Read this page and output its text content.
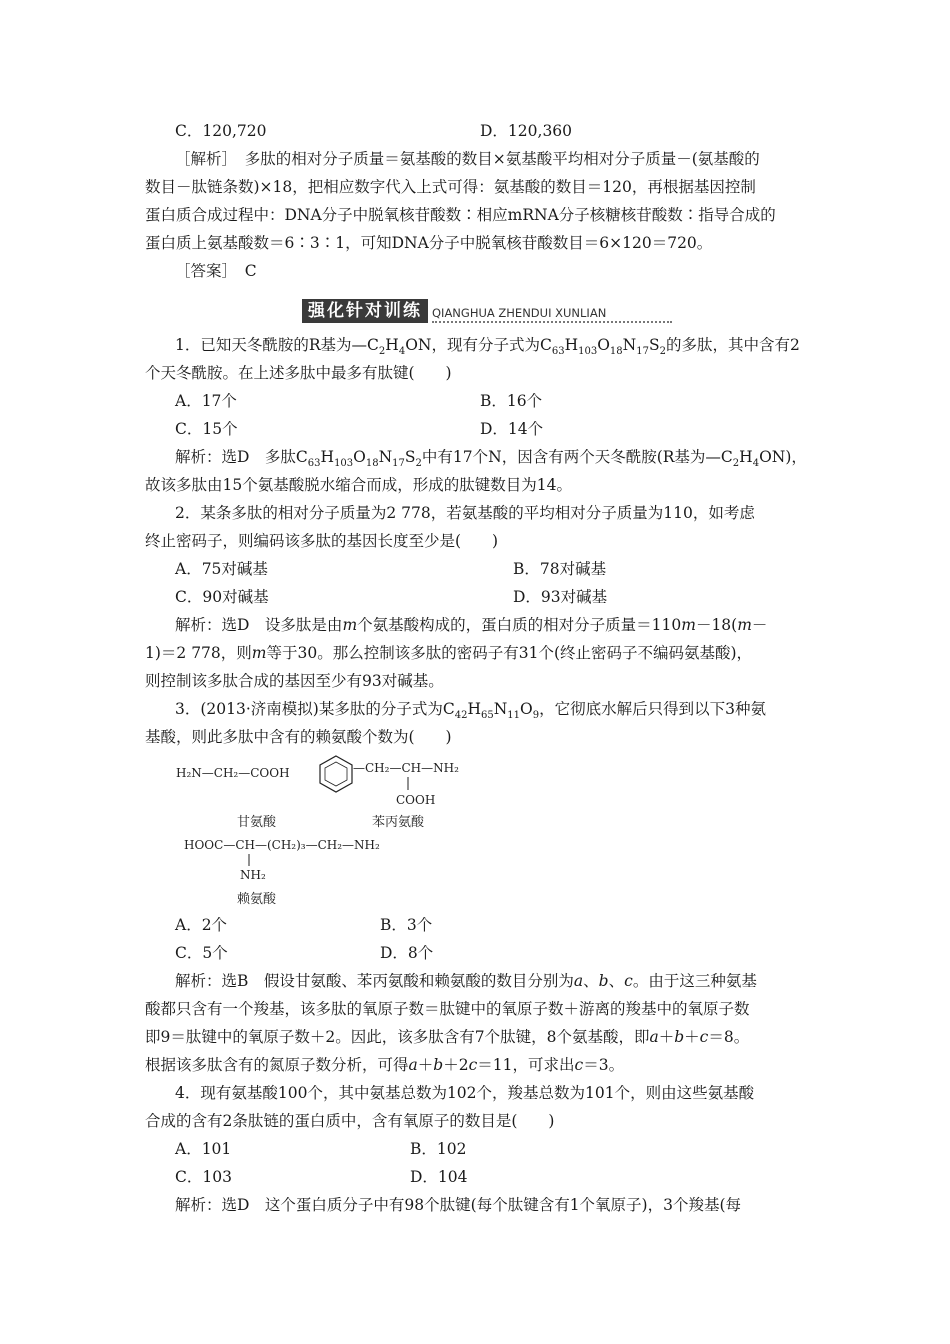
C．120,720	D．120,360
［解析］　多肽的相对分子质量＝氨基酸的数目×氨基酸平均相对分子质量－(氨基酸的
数目－肽链条数)×18，把相应数字代入上式可得：氨基酸的数目＝120，再根据基因控制
蛋白质合成过程中：DNA分子中脱氧核苷酸数∶相应mRNA分子核糖核苷酸数∶指导合成的
蛋白质上氨基酸数＝6∶3∶1，可知DNA分子中脱氧核苷酸数目＝6×120＝720。
［答案］　C
强化针对训练 QIANGHUA ZHENDUI XUNLIAN
1．已知天冬酰胺的R基为$—C_2H_4ON$，现有分子式为$C_{63}H_{103}O_{18}N_{17}S_2$的多肽，其中含有2
个天冬酰胺。在上述多肽中最多有肽键(　　)
A．17个	B．16个
C．15个	D．14个
解析：选D　多肽$C_{63}H_{103}O_{18}N_{17}S_2$中有17个N，因含有两个天冬酰胺(R基为$—C_2H_4ON$)，
故该多肽由15个氨基酸脱水缩合而成，形成的肽键数目为14。
2．某条多肽的相对分子质量为2 778，若氨基酸的平均相对分子质量为110，如考虑
终止密码子，则编码该多肽的基因长度至少是(　　)
A．75对碱基	B．78对碱基
C．90对碱基	D．93对碱基
解析：选D　设多肽是由m个氨基酸构成的，蛋白质的相对分子质量＝110m－18(m－
1)＝2 778，则m等于30。那么控制该多肽的密码子有31个(终止密码子不编码氨基酸)，
则控制该多肽合成的基因至少有93对碱基。
3．(2013·济南模拟)某多肽的分子式为$C_{42}H_{65}N_{11}O_9$，它彻底水解后只得到以下3种氨
基酸，则此多肽中含有的赖氨酸个数为(　　)
H₂N—CH₂—COOH	—CH₂—CH—NH₂
COOH
甘氨酸	苯丙氨酸
HOOC—CH—(CH₂)₃—CH₂—NH₂
NH₂
赖氨酸
A．2个	B．3个
C．5个	D．8个
解析：选B　假设甘氨酸、苯丙氨酸和赖氨酸的数目分别为a、b、c。由于这三种氨基
酸都只含有一个羧基，该多肽的氧原子数＝肽键中的氧原子数＋游离的羧基中的氧原子数
即9＝肽键中的氧原子数＋2。因此，该多肽含有7个肽键，8个氨基酸，即a＋b＋c＝8。
根据该多肽含有的氮原子数分析，可得a＋b＋2c＝11，可求出c＝3。
4．现有氨基酸100个，其中氨基总数为102个，羧基总数为101个，则由这些氨基酸
合成的含有2条肽链的蛋白质中，含有氧原子的数目是(　　)
A．101	B．102
C．103	D．104
解析：选D　这个蛋白质分子中有98个肽键(每个肽键含有1个氧原子)，3个羧基(每
